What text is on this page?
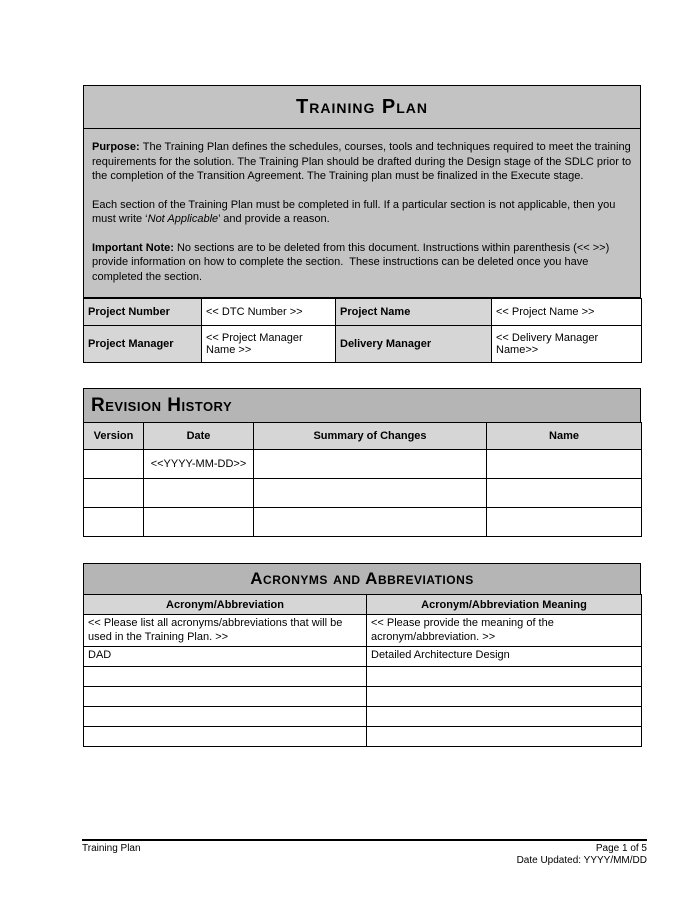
Training Plan

Purpose: The Training Plan defines the schedules, courses, tools and techniques required to meet the training requirements for the solution. The Training Plan should be drafted during the Design stage of the SDLC prior to the completion of the Transition Agreement. The Training plan must be finalized in the Execute stage.

Each section of the Training Plan must be completed in full. If a particular section is not applicable, then you must write ‘Not Applicable’ and provide a reason.

Important Note: No sections are to be deleted from this document. Instructions within parenthesis (<< >>) provide information on how to complete the section.  These instructions can be deleted once you have completed the section.

Project Number	<< DTC Number >>	Project Name	<< Project Name >>
Project Manager	<< Project Manager Name >>	Delivery Manager	<< Delivery Manager Name>>
Revision History
Version	Date	Summary of Changes	Name
	<<YYYY-MM-DD>>		

Acronyms and Abbreviations
Acronym/Abbreviation	Acronym/Abbreviation Meaning
<< Please list all acronyms/abbreviations that will be used in the Training Plan. >>	<< Please provide the meaning of the acronym/abbreviation. >>
DAD	Detailed Architecture Design

Training Plan	Page 1 of 5
Date Updated: YYYY/MM/DD
